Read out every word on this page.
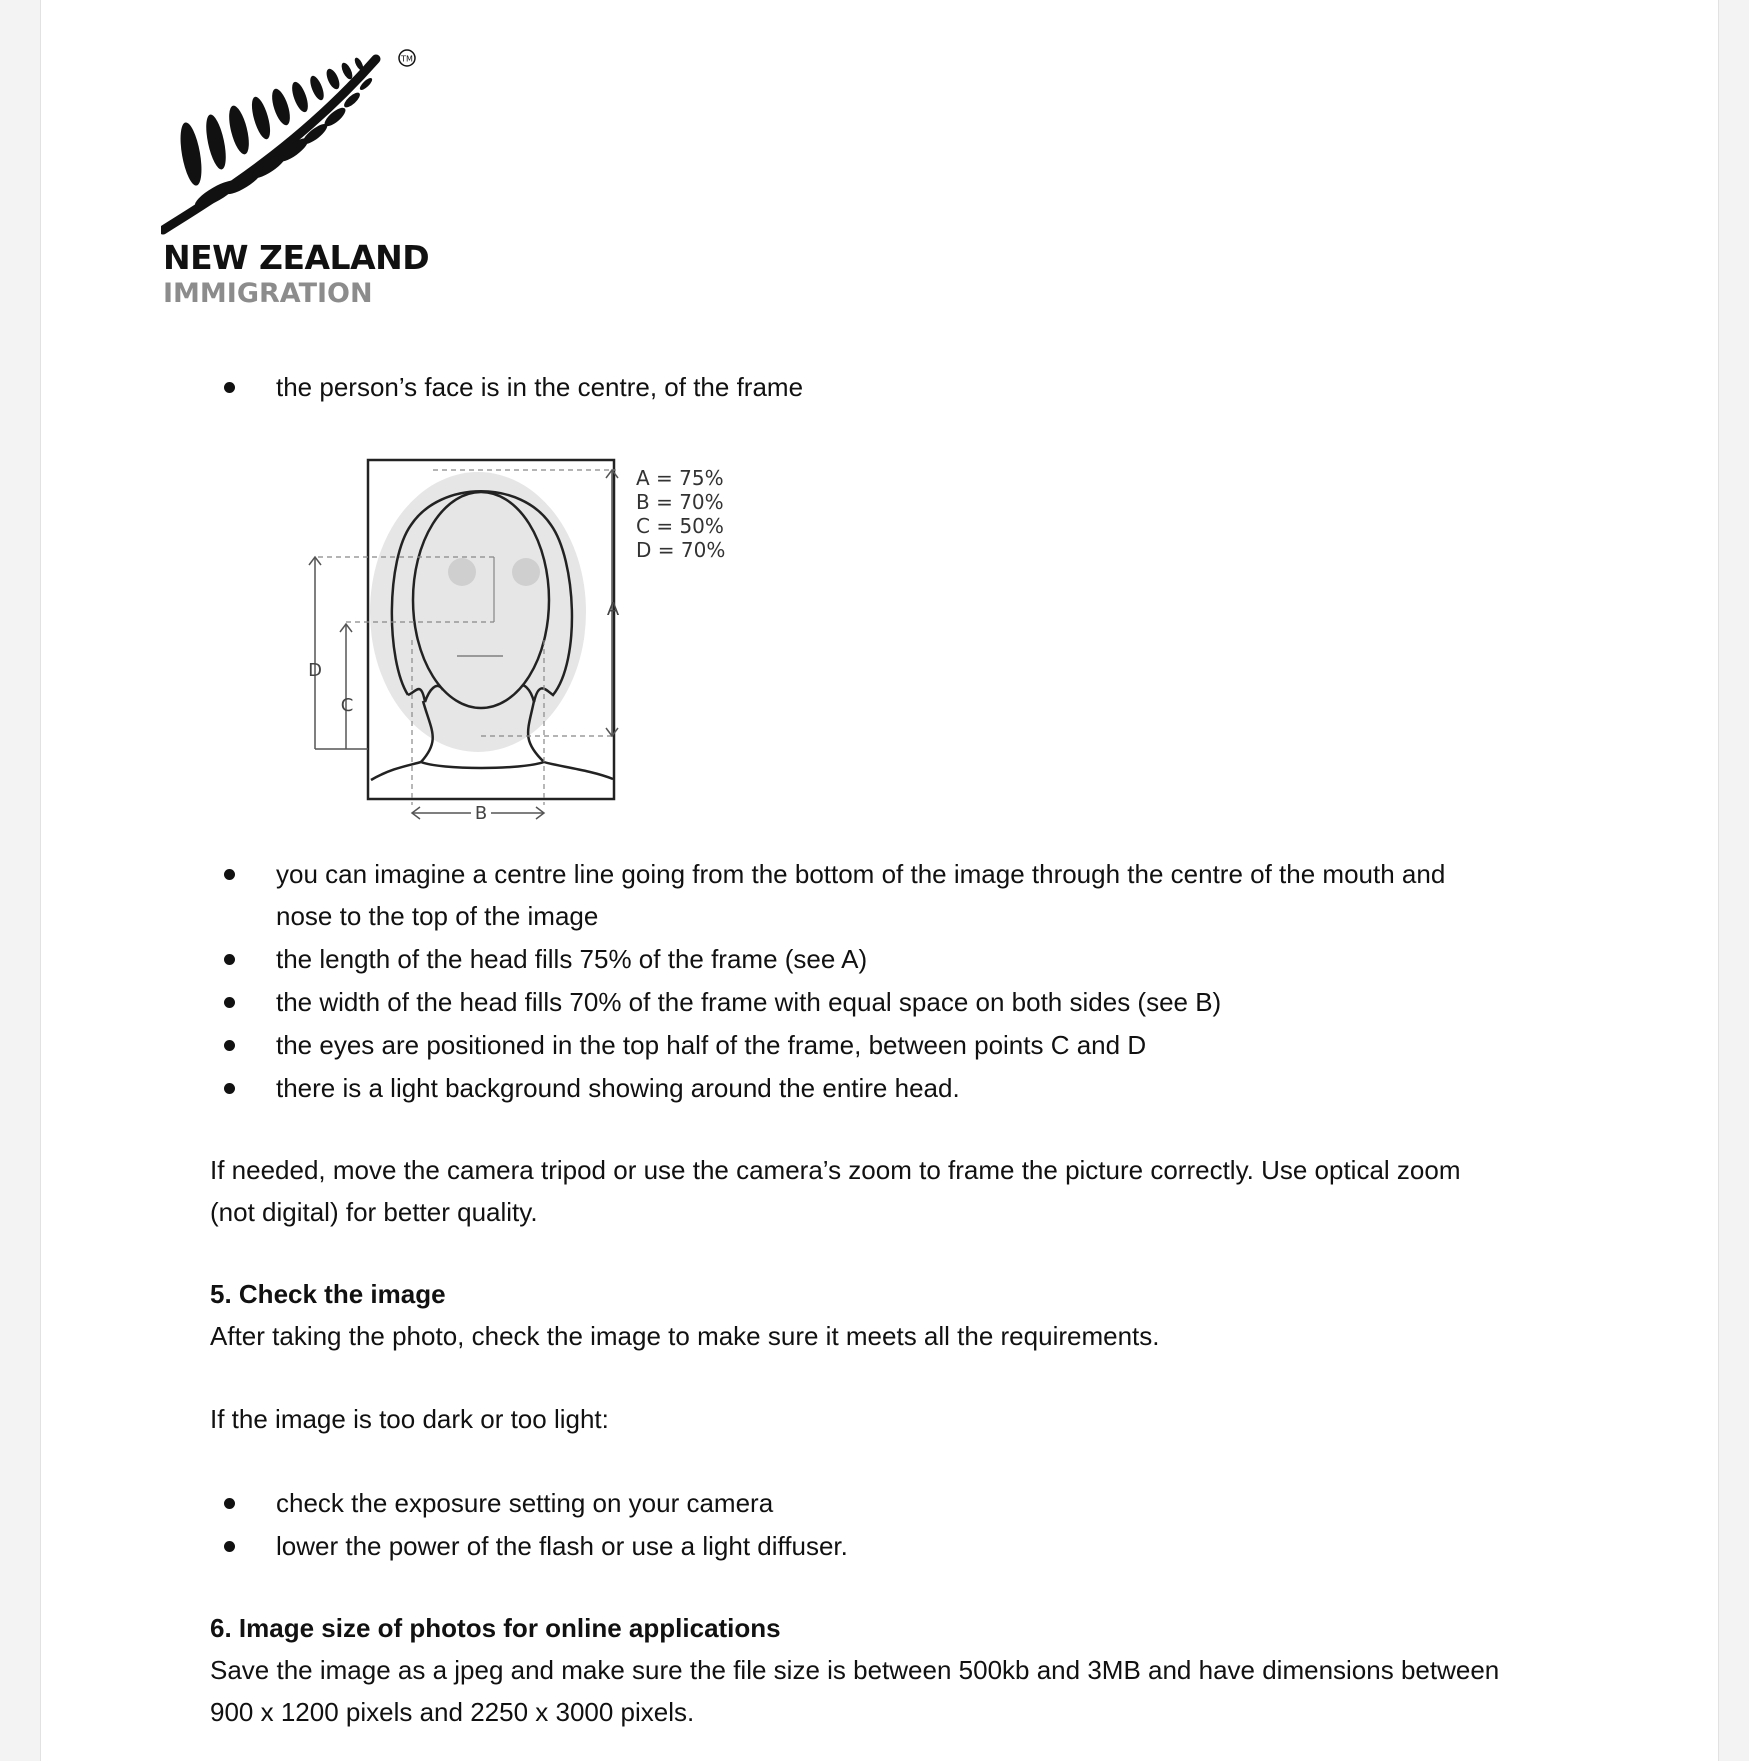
TM
NEW ZEALAND
IMMIGRATION
the person’s face is in the centre, of the frame
A
D
C
B
A = 75%
B = 70%
C = 50%
D = 70%
you can imagine a centre line going from the bottom of the image through the centre of the mouth and
nose to the top of the image
the length of the head fills 75% of the frame (see A)
the width of the head fills 70% of the frame with equal space on both sides (see B)
the eyes are positioned in the top half of the frame, between points C and D
there is a light background showing around the entire head.
If needed, move the camera tripod or use the camera’s zoom to frame the picture correctly. Use optical zoom
(not digital) for better quality.
5. Check the image
After taking the photo, check the image to make sure it meets all the requirements.
If the image is too dark or too light:
check the exposure setting on your camera
lower the power of the flash or use a light diffuser.
6. Image size of photos for online applications
Save the image as a jpeg and make sure the file size is between 500kb and 3MB and have dimensions between
900 x 1200 pixels and 2250 x 3000 pixels.
